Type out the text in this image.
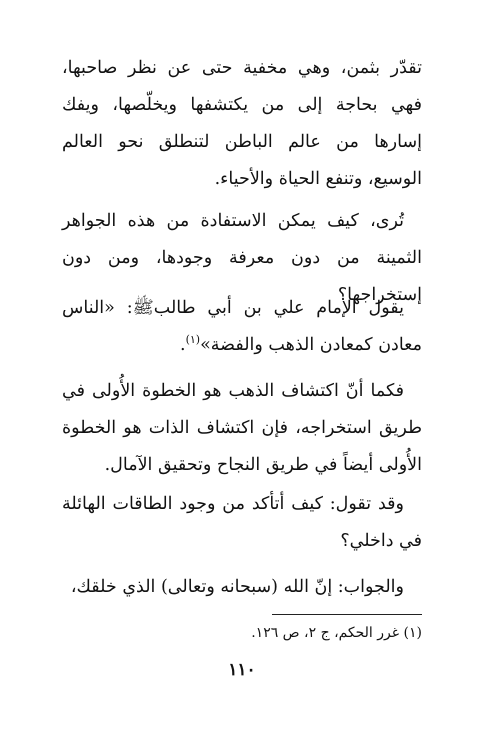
تقدّر بثمن، وهي مخفية حتى عن نظر صاحبها، فهي بحاجة إلى من يكتشفها ويخلّصها، ويفك إسارها من عالم الباطن لتنطلق نحو العالم الوسيع، وتنفع الحياة والأحياء.
تُرى، كيف يمكن الاستفادة من هذه الجواهر الثمينة من دون معرفة وجودها، ومن دون إستخراجها؟
يقول الإمام علي بن أبي طالبﷺ: «الناس معادن كمعادن الذهب والفضة»$^{(١)}$.
فكما أنّ اكتشاف الذهب هو الخطوة الأُولى في طريق استخراجه، فإن اكتشاف الذات هو الخطوة الأُولى أيضاً في طريق النجاح وتحقيق الآمال.
وقد تقول: كيف أتأكد من وجود الطاقات الهائلة في داخلي؟
والجواب: إنّ الله (سبحانه وتعالى) الذي خلقك،
(١) غرر الحكم، ج ٢، ص ١٢٦.
١١٠
